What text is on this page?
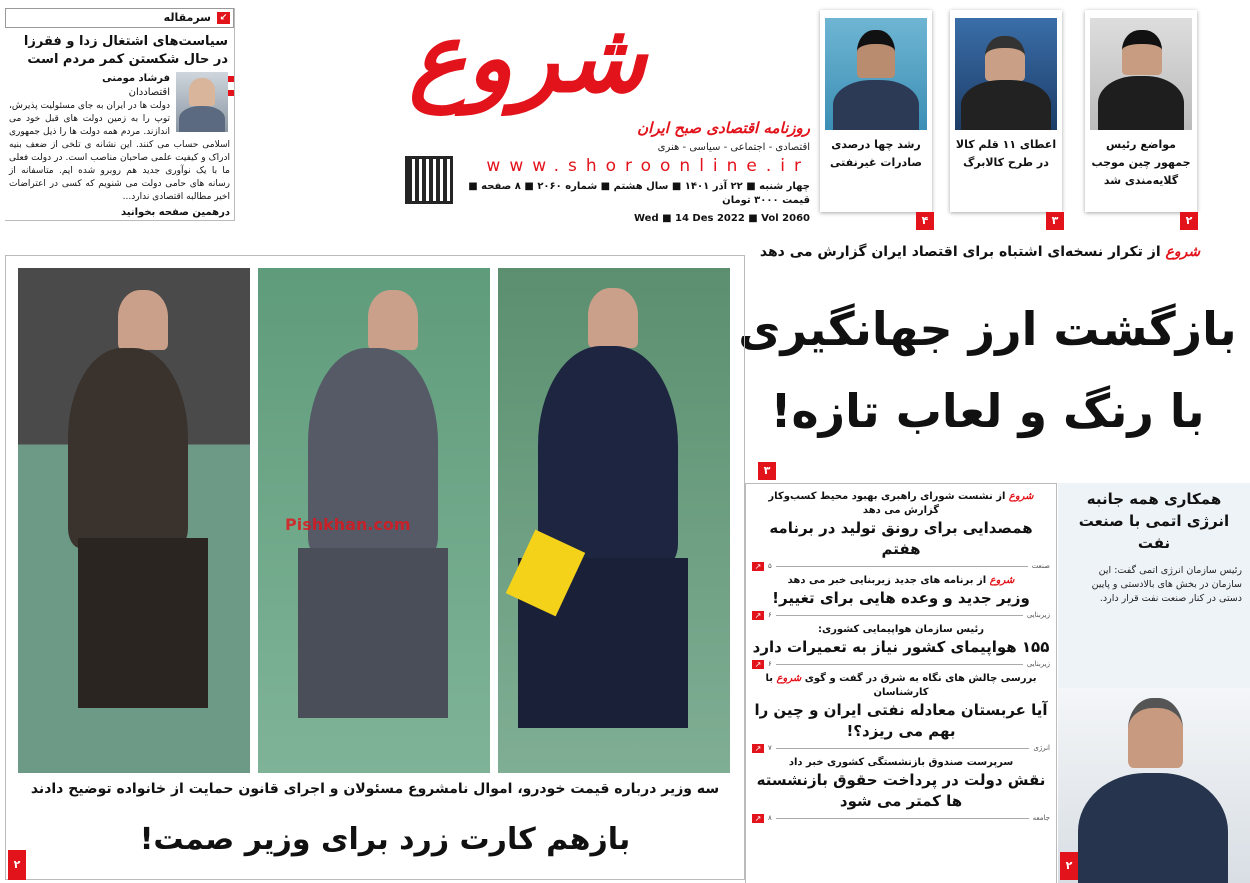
↙
سرمقاله
سیاست‌های اشتغال زدا و فقرزا در حال شکستن کمر مردم است
فرشاد مومنی
اقتصاددان

دولت ها در ایران به جای مسئولیت پذیرش، توپ را به زمین دولت های قبل خود می اندازند. مردم همه دولت ها را ذیل جمهوری اسلامی حساب می کنند. این نشانه ی تلخی از ضعف بنیه ادراک و کیفیت علمی صاحبان مناصب است. در دولت فعلی ما با یک نوآوری جدید هم روبرو شده ایم. متاسفانه از رسانه های حامی دولت می شنویم که کسی در اعتراضات اخیر مطالبه اقتصادی ندارد...

درهمین صفحه بخوانید
شروع
روزنامه اقتصادی صبح ایران
اقتصادی - اجتماعی - سیاسی - هنری
www.shoroonline.ir
چهار شنبه ■ ۲۲ آذر ۱۴۰۱ ■ سال هشتم ■ شماره ۲۰۶۰ ■ ۸ صفحه ■ قیمت ۳۰۰۰ تومان
Wed ■ 14 Des 2022 ■ Vol 2060
مواضع رئیس جمهور چین موجب گلایه‌مندی شد
۲
اعطای ۱۱ قلم کالا در طرح کالابرگ
۳
رشد چها درصدی صادرات غیرنفتی
۴
شروع از تکرار نسخه‌ای اشتباه برای اقتصاد ایران گزارش می دهد
بازگشت ارز جهانگیری
با رنگ و لعاب تازه!
۳
Pishkhan.com
سه وزیر درباره قیمت خودرو، اموال نامشروع مسئولان و اجرای قانون حمایت از خانواده توضیح دادند
بازهم کارت زرد برای وزیر صمت!
۲
شروع از نشست شورای راهبری بهبود محیط کسب‌وکار گزارش می دهد
همصدایی برای رونق تولید در برنامه هفتم
صنعت
۵
↗
شروع از برنامه های جدید زیربنایی خبر می دهد
وزیر جدید و وعده هایی برای تغییر!
زیربنایی
۶
↗
رئیس سازمان هواپیمایی کشوری:
۱۵۵ هواپیمای کشور نیاز به تعمیرات دارد
زیربنایی
۶
↗
بررسی چالش های نگاه به شرق در گفت و گوی شروع با کارشناسان
آیا عربستان معادله نفتی ایران و چین را بهم می ریزد؟!
انرژی
۷
↗
سرپرست صندوق بازنشستگی کشوری خبر داد
نقش دولت در پرداخت حقوق بازنشسته ها کمتر می شود
جامعه
۸
↗
همکاری همه جانبه انرژی اتمی با صنعت نفت

رئیس سازمان انرژی اتمی گفت: این سازمان در بخش های بالادستی و پایین دستی در کنار صنعت نفت قرار دارد.

۲
